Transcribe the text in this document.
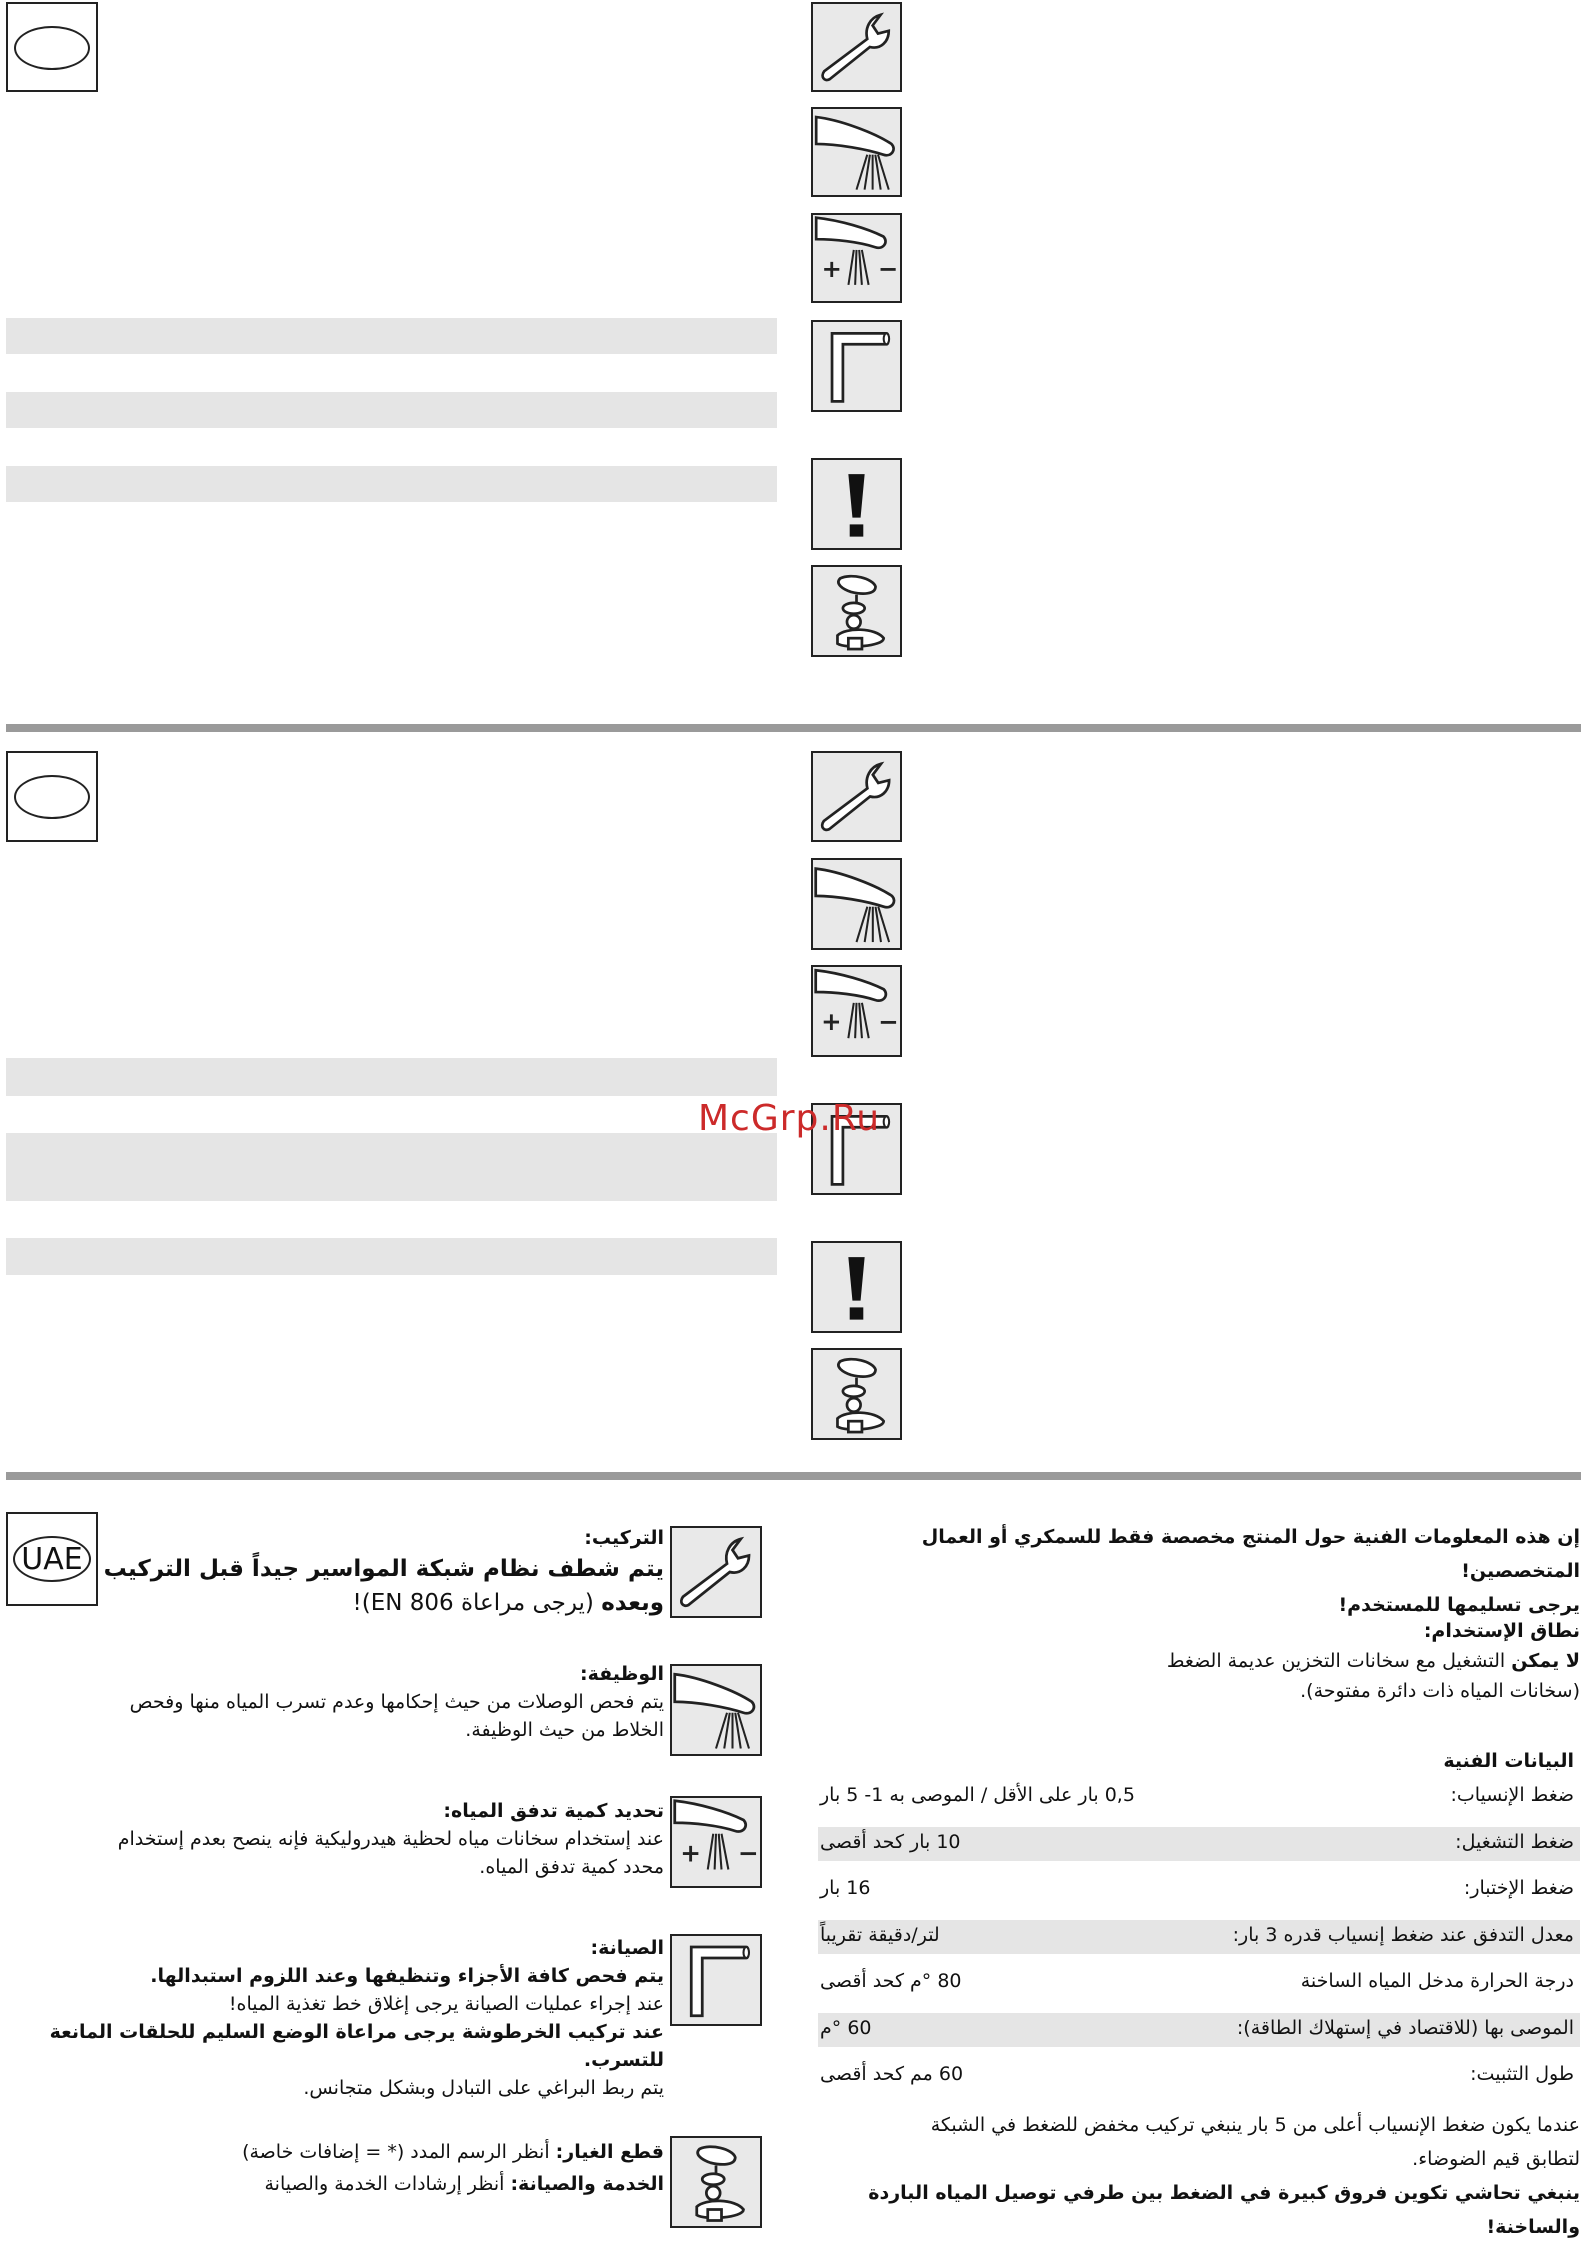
McGrp.Ru
UAE
التركيب:
يتم شطف نظام شبكة المواسير جيداً قبل التركيب
وبعده (يرجى مراعاة EN 806)!
الوظيفة:
يتم فحص الوصلات من حيث إحكامها وعدم تسرب المياه منها وفحص
الخلاط من حيث الوظيفة.
تحديد كمية تدفق المياه:
عند إستخدام سخانات مياه لحظية هيدروليكية فإنه ينصح بعدم إستخدام
محدد كمية تدفق المياه.
الصيانة:
يتم فحص كافة الأجزاء وتنظيفها وعند اللزوم استبدالها.
عند إجراء عمليات الصيانة يرجى إغلاق خط تغذية المياه!
عند تركيب الخرطوشة يرجى مراعاة الوضع السليم للحلقات المانعة للتسرب.
يتم ربط البراغي على التبادل وبشكل متجانس.
قطع الغيار: أنظر الرسم المدد (* = إضافات خاصة)
الخدمة والصيانة: أنظر إرشادات الخدمة والصيانة
إن هذه المعلومات الفنية حول المنتج مخصصة فقط للسمكري أو العمال المتخصصين!
يرجى تسليمها للمستخدم!
نطاق الإستخدام:
لا يمكن التشغيل مع سخانات التخزين عديمة الضغط
(سخانات المياه ذات دائرة مفتوحة).
البيانات الفنية
ضغط الإنسياب:
0,5 بار على الأقل / الموصى به 1- 5 بار
ضغط التشغيل:
10 بار كحد أقصى
ضغط الإختبار:
16 بار
معدل التدفق عند ضغط إنسياب قدره 3 بار:
لتر/دقيقة تقريباً
درجة الحرارة مدخل المياه الساخنة
80 °م كحد أقصى
الموصى بها (للاقتصاد في إستهلاك الطاقة):
60 °م
طول التثبيت:
60 مم كحد أقصى
عندما يكون ضغط الإنسياب أعلى من 5 بار ينبغي تركيب مخفض للضغط في الشبكة
لتطابق قيم الضوضاء.
ينبغي تحاشي تكوين فروق كبيرة في الضغط بين طرفي توصيل المياه الباردة والساخنة!
